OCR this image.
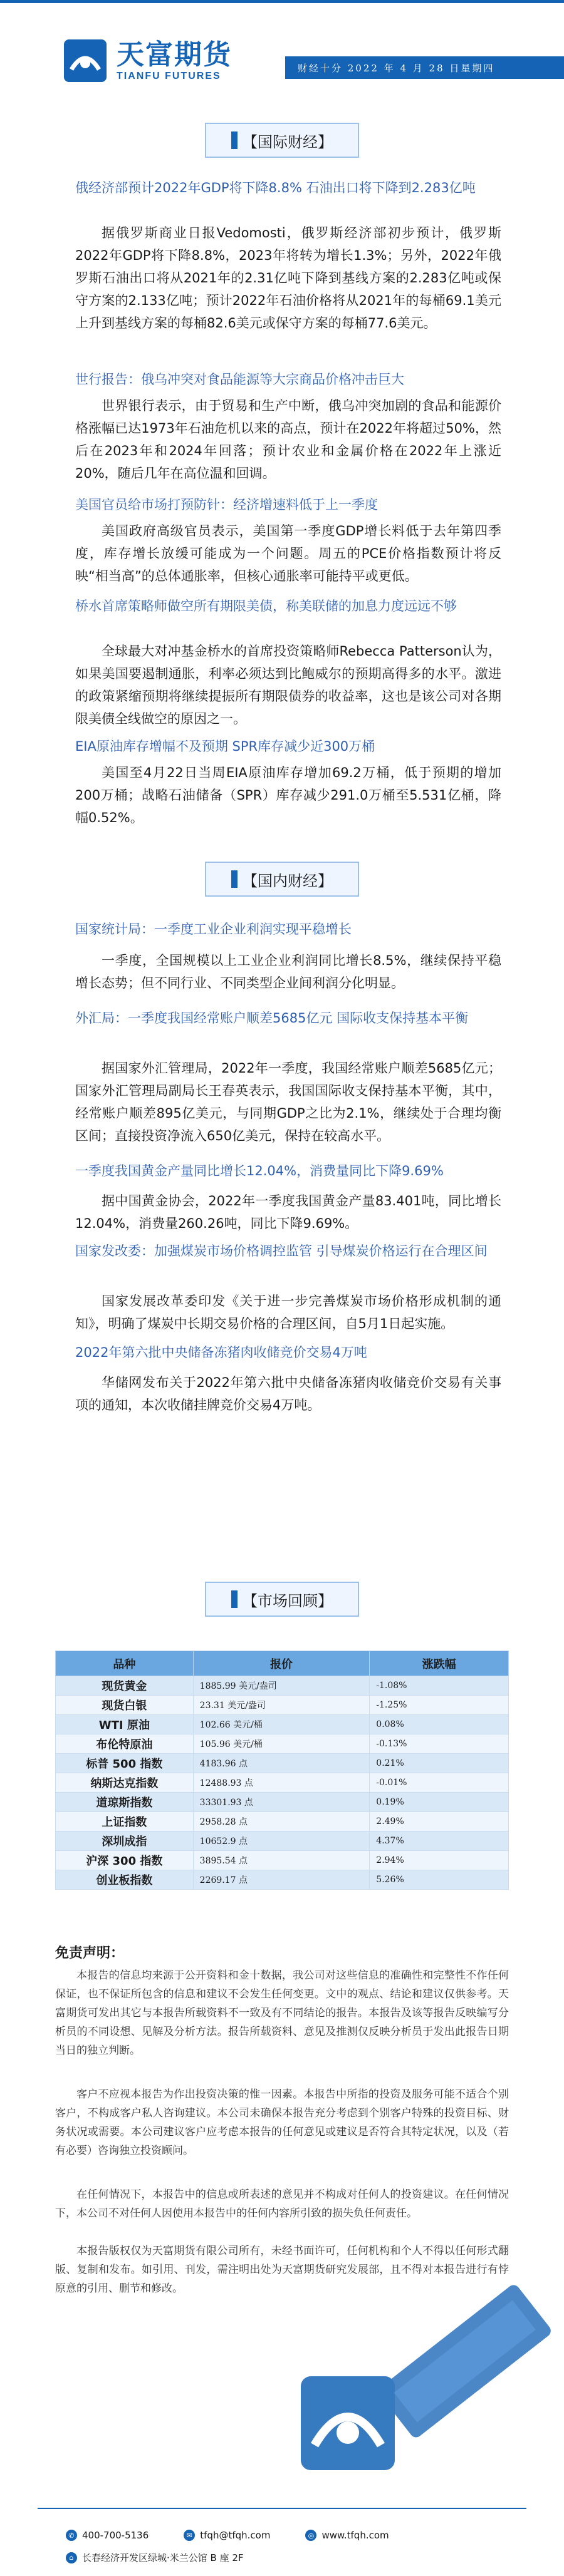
天富期货
TIANFU FUTURES
财经十分 2022 年 4 月 28 日星期四
【国际财经】
俄经济部预计2022年GDP将下降8.8% 石油出口将下降到2.283亿吨
据俄罗斯商业日报Vedomosti，俄罗斯经济部初步预计，俄罗斯2022年GDP将下降8.8%，2023年将转为增长1.3%；另外，2022年俄罗斯石油出口将从2021年的2.31亿吨下降到基线方案的2.283亿吨或保守方案的2.133亿吨；预计2022年石油价格将从2021年的每桶69.1美元上升到基线方案的每桶82.6美元或保守方案的每桶77.6美元。
世行报告：俄乌冲突对食品能源等大宗商品价格冲击巨大
世界银行表示，由于贸易和生产中断，俄乌冲突加剧的食品和能源价格涨幅已达1973年石油危机以来的高点，预计在2022年将超过50%，然后在2023年和2024年回落；预计农业和金属价格在2022年上涨近20%，随后几年在高位温和回调。
美国官员给市场打预防针：经济增速料低于上一季度
美国政府高级官员表示，美国第一季度GDP增长料低于去年第四季度，库存增长放缓可能成为一个问题。周五的PCE价格指数预计将反映“相当高”的总体通胀率，但核心通胀率可能持平或更低。
桥水首席策略师做空所有期限美债，称美联储的加息力度远远不够
全球最大对冲基金桥水的首席投资策略师Rebecca Patterson认为，如果美国要遏制通胀，利率必须达到比鲍威尔的预期高得多的水平。激进的政策紧缩预期将继续提振所有期限债券的收益率，这也是该公司对各期限美债全线做空的原因之一。
EIA原油库存增幅不及预期 SPR库存减少近300万桶
美国至4月22日当周EIA原油库存增加69.2万桶，低于预期的增加200万桶；战略石油储备（SPR）库存减少291.0万桶至5.531亿桶，降幅0.52%。
【国内财经】
国家统计局：一季度工业企业利润实现平稳增长
一季度，全国规模以上工业企业利润同比增长8.5%，继续保持平稳增长态势；但不同行业、不同类型企业间利润分化明显。
外汇局：一季度我国经常账户顺差5685亿元 国际收支保持基本平衡
据国家外汇管理局，2022年一季度，我国经常账户顺差5685亿元；国家外汇管理局副局长王春英表示，我国国际收支保持基本平衡，其中，经常账户顺差895亿美元，与同期GDP之比为2.1%，继续处于合理均衡区间；直接投资净流入650亿美元，保持在较高水平。
一季度我国黄金产量同比增长12.04%，消费量同比下降9.69%
据中国黄金协会，2022年一季度我国黄金产量83.401吨，同比增长12.04%，消费量260.26吨，同比下降9.69%。
国家发改委：加强煤炭市场价格调控监管 引导煤炭价格运行在合理区间
国家发展改革委印发《关于进一步完善煤炭市场价格形成机制的通知》，明确了煤炭中长期交易价格的合理区间，自5月1日起实施。
2022年第六批中央储备冻猪肉收储竞价交易4万吨
华储网发布关于2022年第六批中央储备冻猪肉收储竞价交易有关事项的通知，本次收储挂牌竞价交易4万吨。
【市场回顾】
品种	报价	涨跌幅
现货黄金	1885.99 美元/盎司	-1.08%
现货白银	23.31 美元/盎司	-1.25%
WTI 原油	102.66 美元/桶	0.08%
布伦特原油	105.96 美元/桶	-0.13%
标普 500 指数	4183.96 点	0.21%
纳斯达克指数	12488.93 点	-0.01%
道琼斯指数	33301.93 点	0.19%
上证指数	2958.28 点	2.49%
深圳成指	10652.9 点	4.37%
沪深 300 指数	3895.54 点	2.94%
创业板指数	2269.17 点	5.26%
免责声明：
本报告的信息均来源于公开资料和金十数据，我公司对这些信息的准确性和完整性不作任何保证，也不保证所包含的信息和建议不会发生任何变更。文中的观点、结论和建议仅供参考。天富期货可发出其它与本报告所载资料不一致及有不同结论的报告。本报告及该等报告反映编写分析员的不同设想、见解及分析方法。报告所载资料、意见及推测仅反映分析员于发出此报告日期当日的独立判断。
客户不应视本报告为作出投资决策的惟一因素。本报告中所指的投资及服务可能不适合个别客户，不构成客户私人咨询建议。本公司未确保本报告充分考虑到个别客户特殊的投资目标、财务状况或需要。本公司建议客户应考虑本报告的任何意见或建议是否符合其特定状况，以及（若有必要）咨询独立投资顾问。
在任何情况下，本报告中的信息或所表述的意见并不构成对任何人的投资建议。在任何情况下，本公司不对任何人因使用本报告中的任何内容所引致的损失负任何责任。
本报告版权仅为天富期货有限公司所有，未经书面许可，任何机构和个人不得以任何形式翻版、复制和发布。如引用、刊发，需注明出处为天富期货研究发展部，且不得对本报告进行有悖原意的引用、删节和修改。
✆ 400-700-5136	✉ tfqh@tfqh.com	◎ www.tfqh.com
⌂ 长春经济开发区绿城·米兰公馆 B 座 2F
